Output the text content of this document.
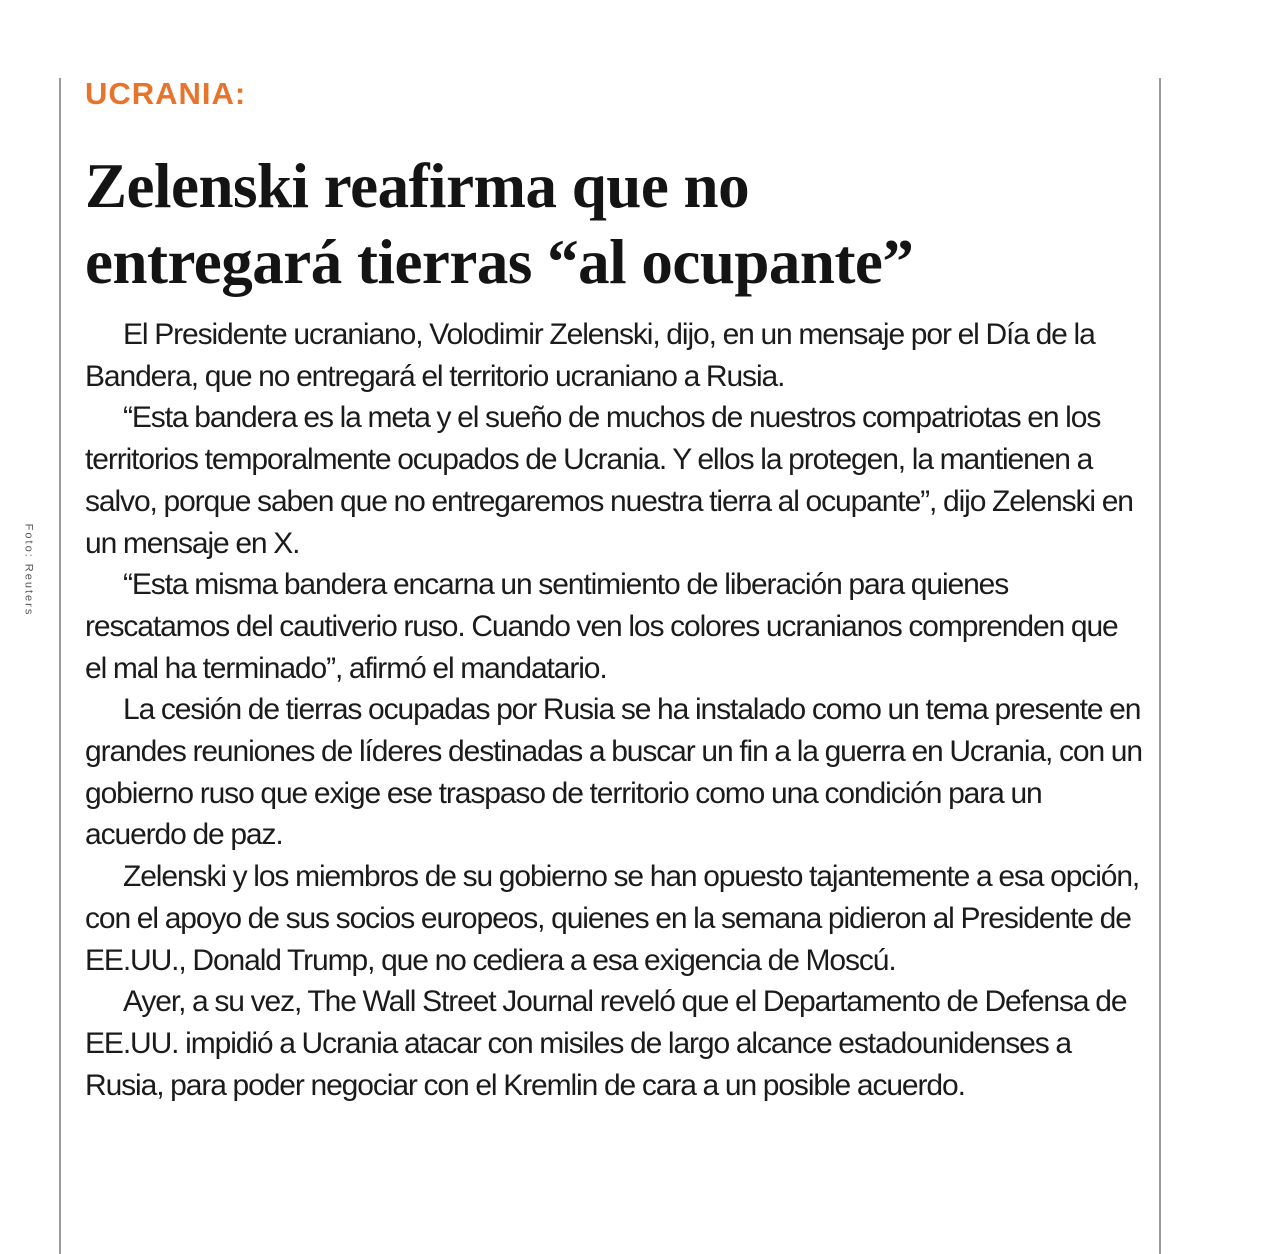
Foto: Reuters
UCRANIA:
Zelenski reafirma que no
entregará tierras “al ocupante”

El Presidente ucraniano, Volodimir Zelenski, dijo, en un mensaje por el Día de la Bandera, que no entregará el territorio ucraniano a Rusia.

“Esta bandera es la meta y el sueño de muchos de nuestros compatriotas en los territorios temporalmente ocupados de Ucrania. Y ellos la protegen, la mantienen a salvo, porque saben que no entregaremos nuestra tierra al ocupante”, dijo Zelenski en un mensaje en X.

“Esta misma bandera encarna un sentimiento de liberación para quienes rescatamos del cautiverio ruso. Cuando ven los colores ucranianos comprenden que el mal ha terminado”, afirmó el mandatario.

La cesión de tierras ocupadas por Rusia se ha instalado como un tema presente en grandes reuniones de líderes destinadas a buscar un fin a la guerra en Ucrania, con un gobierno ruso que exige ese traspaso de territorio como una condición para un acuerdo de paz.

Zelenski y los miembros de su gobierno se han opuesto tajantemente a esa opción, con el apoyo de sus socios europeos, quienes en la semana pidieron al Presidente de EE.UU., Donald Trump, que no cediera a esa exigencia de Moscú.

Ayer, a su vez, The Wall Street Journal reveló que el Departamento de Defensa de EE.UU. impidió a Ucrania atacar con misiles de largo alcance estadounidenses a Rusia, para poder negociar con el Kremlin de cara a un posible acuerdo.
